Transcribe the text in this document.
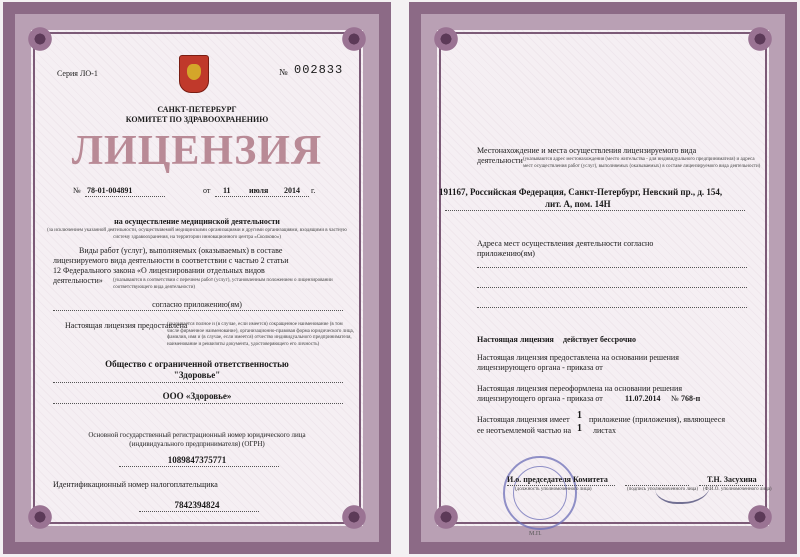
Серия ЛО-1	№ 002833
САНКТ-ПЕТЕРБУРГ
КОМИТЕТ ПО ЗДРАВООХРАНЕНИЮ
ЛИЦЕНЗИЯ
№ 78-01-004891	от 11 июля 2014 г.
на осуществление медицинской деятельности
(за исключением указанной деятельности, осуществляемой медицинскими организациями и другими организациями, входящими в частную систему здравоохранения, на территории инновационного центра «Сколково»)
Виды работ (услуг), выполняемых (оказываемых) в составе
лицензируемого вида деятельности в соответствии с частью 2 статьи
12 Федерального закона «О лицензировании отдельных видов
деятельности» (указываются в соответствии с перечнем работ (услуг), установленным положением о лицензировании соответствующего вида деятельности)
согласно приложению(ям)
Настоящая лицензия предоставлена
(указывается полное и (в случае, если имеется) сокращенное наименование (в том числе фирменное наименование), организационно-правовая форма юридического лица, фамилия, имя и (в случае, если имеется) отчество индивидуального предпринимателя, наименование и реквизиты документа, удостоверяющего его личность)
Общество с ограниченной ответственностью
"Здоровье"
ООО «Здоровье»
Основной государственный регистрационный номер юридического лица
(индивидуального предпринимателя) (ОГРН)
1089847375771
Идентификационный номер налогоплательщика
7842394824
Местонахождение и места осуществления лицензируемого вида
деятельности (указываются адрес местонахождения (место жительства - для индивидуального предпринимателя) и адреса мест осуществления работ (услуг), выполняемых (оказываемых) в составе лицензируемого вида деятельности)
191167, Российская Федерация, Санкт-Петербург, Невский пр., д. 154,
лит. А, пом. 14Н
Адреса мест осуществления деятельности согласно
приложению(ям)
Настоящая лицензия действует бессрочно
Настоящая лицензия предоставлена на основании решения
лицензирующего органа - приказа от
Настоящая лицензия переоформлена на основании решения
лицензирующего органа - приказа от	11.07.2014 № 768-п
Настоящая лицензия имеет 1 приложение (приложения), являющееся
ее неотъемлемой частью на 1 листах
М.П.
И.о. председателя Комитета
(должность уполномоченного лица)	(подпись уполномоченного лица)
Т.Н. Засухина
(Ф.И.О. уполномоченного лица)
